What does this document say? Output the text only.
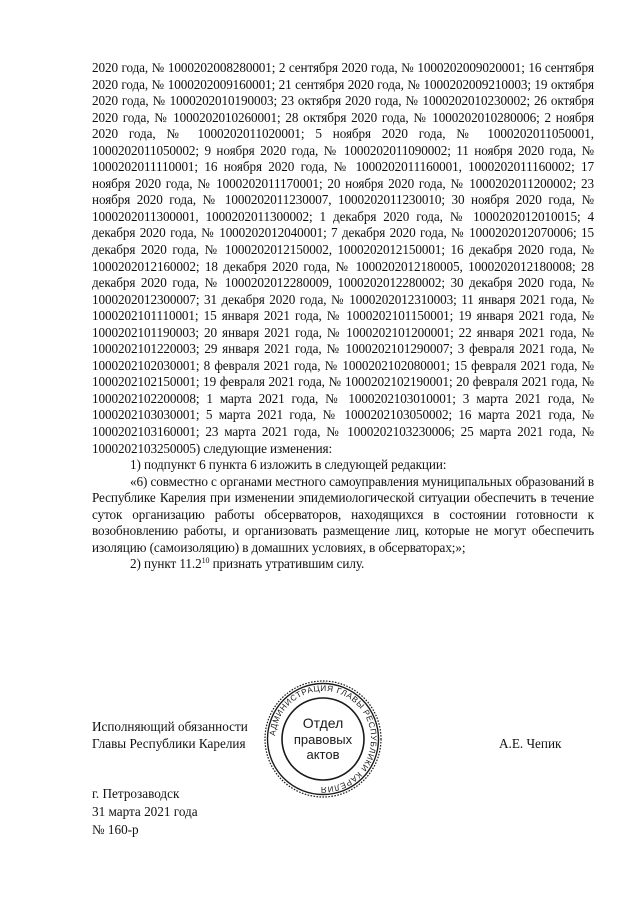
2020 года, № 1000202008280001; 2 сентября 2020 года, № 1000202009020001; 16 сентября 2020 года, № 1000202009160001; 21 сентября 2020 года, № 1000202009210003; 19 октября 2020 года, № 1000202010190003; 23 октября 2020 года, № 1000202010230002; 26 октября 2020 года, № 1000202010260001; 28 октября 2020 года, № 1000202010280006; 2 ноября 2020 года, № 1000202011020001; 5 ноября 2020 года, № 1000202011050001, 1000202011050002; 9 ноября 2020 года, № 1000202011090002; 11 ноября 2020 года, № 1000202011110001; 16 ноября 2020 года, № 1000202011160001, 1000202011160002; 17 ноября 2020 года, № 1000202011170001; 20 ноября 2020 года, № 1000202011200002; 23 ноября 2020 года, № 1000202011230007, 1000202011230010; 30 ноября 2020 года, № 1000202011300001, 1000202011300002; 1 декабря 2020 года, № 1000202012010015; 4 декабря 2020 года, № 1000202012040001; 7 декабря 2020 года, № 1000202012070006; 15 декабря 2020 года, № 1000202012150002, 1000202012150001; 16 декабря 2020 года, № 1000202012160002; 18 декабря 2020 года, № 1000202012180005, 1000202012180008; 28 декабря 2020 года, № 1000202012280009, 1000202012280002; 30 декабря 2020 года, № 1000202012300007; 31 декабря 2020 года, № 1000202012310003; 11 января 2021 года, № 1000202101110001; 15 января 2021 года, № 1000202101150001; 19 января 2021 года, № 1000202101190003; 20 января 2021 года, № 1000202101200001; 22 января 2021 года, № 1000202101220003; 29 января 2021 года, № 1000202101290007; 3 февраля 2021 года, № 1000202102030001; 8 февраля 2021 года, № 1000202102080001; 15 февраля 2021 года, № 1000202102150001; 19 февраля 2021 года, № 1000202102190001; 20 февраля 2021 года, № 1000202102200008; 1 марта 2021 года, № 1000202103010001; 3 марта 2021 года, № 1000202103030001; 5 марта 2021 года, № 1000202103050002; 16 марта 2021 года, № 1000202103160001; 23 марта 2021 года, № 1000202103230006; 25 марта 2021 года, № 1000202103250005) следующие изменения:

1) подпункт 6 пункта 6 изложить в следующей редакции:

«6) совместно с органами местного самоуправления муниципальных образований в Республике Карелия при изменении эпидемиологической ситуации обеспечить в течение суток организацию работы обсерваторов, находящихся в состоянии готовности к возобновлению работы, и организовать размещение лиц, которые не могут обеспечить изоляцию (самоизоляцию) в домашних условиях, в обсерваторах;»;

2) пункт 11.2$^{10}$ признать утратившим силу.

Исполняющий обязанности
Главы Республики Карелия	А.Е. Чепик
АДМИНИСТРАЦИЯ ГЛАВЫ РЕСПУБЛИКИ КАРЕЛИЯ
Отдел
правовых
актов
г. Петрозаводск
31 марта 2021 года
№ 160-р
